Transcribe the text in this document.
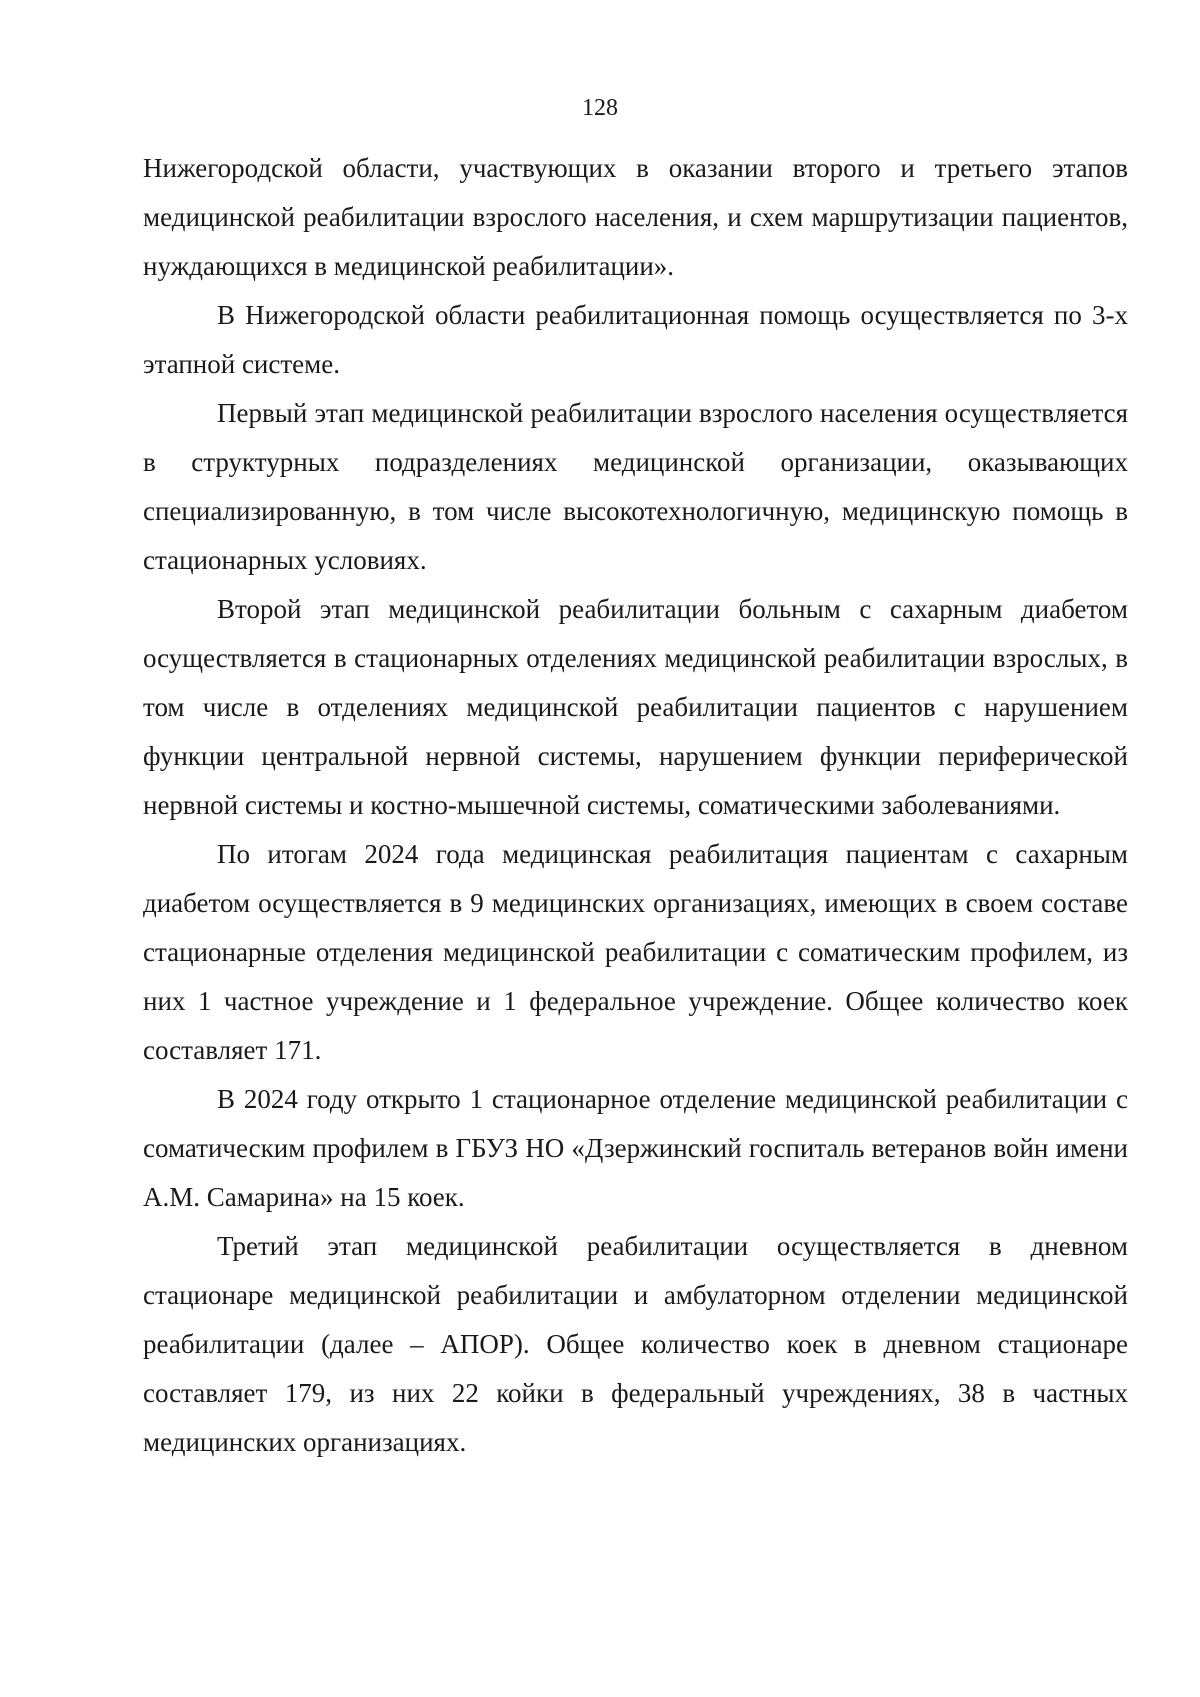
128

Нижегородской области, участвующих в оказании второго и третьего этапов медицинской реабилитации взрослого населения, и схем маршрутизации пациентов, нуждающихся в медицинской реабилитации».

В Нижегородской области реабилитационная помощь осуществляется по 3-х этапной системе.

Первый этап медицинской реабилитации взрослого населения осуществляется в структурных подразделениях медицинской организации, оказывающих специализированную, в том числе высокотехнологичную, медицинскую помощь в стационарных условиях.

Второй этап медицинской реабилитации больным с сахарным диабетом осуществляется в стационарных отделениях медицинской реабилитации взрослых, в том числе в отделениях медицинской реабилитации пациентов с нарушением функции центральной нервной системы, нарушением функции периферической нервной системы и костно-мышечной системы, соматическими заболеваниями.

По итогам 2024 года медицинская реабилитация пациентам с сахарным диабетом осуществляется в 9 медицинских организациях, имеющих в своем составе стационарные отделения медицинской реабилитации с соматическим профилем, из них 1 частное учреждение и 1 федеральное учреждение. Общее количество коек составляет 171.

В 2024 году открыто 1 стационарное отделение медицинской реабилитации с соматическим профилем в ГБУЗ НО «Дзержинский госпиталь ветеранов войн имени А.М. Самарина» на 15 коек.

Третий этап медицинской реабилитации осуществляется в дневном стационаре медицинской реабилитации и амбулаторном отделении медицинской реабилитации (далее – АПОР). Общее количество коек в дневном стационаре составляет 179, из них 22 койки в федеральный учреждениях, 38 в частных медицинских организациях.
